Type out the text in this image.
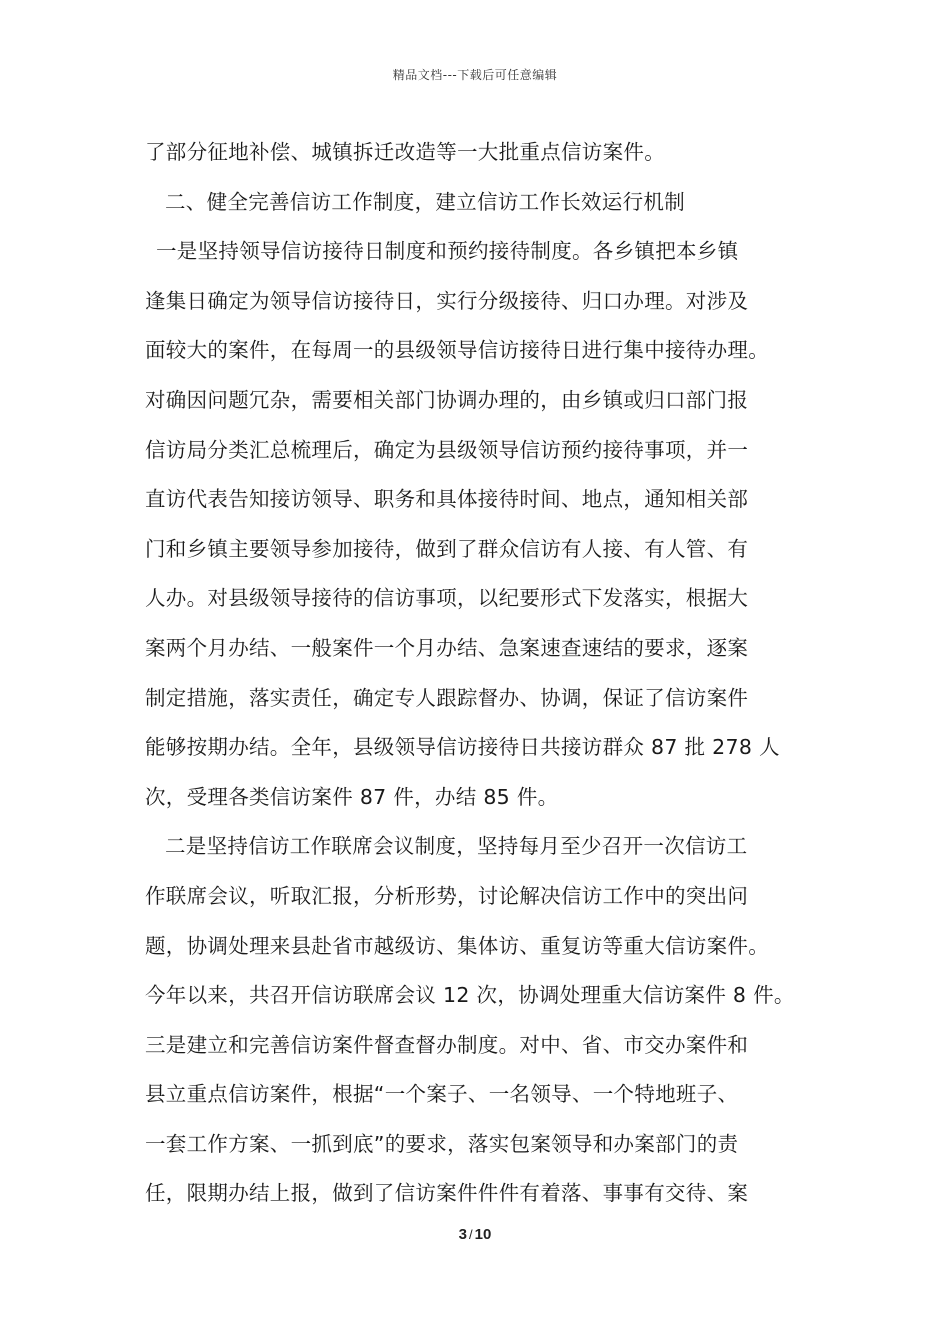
精品文档---下载后可任意编辑
了部分征地补偿、城镇拆迁改造等一大批重点信访案件。
二、健全完善信访工作制度，建立信访工作长效运行机制
一是坚持领导信访接待日制度和预约接待制度。各乡镇把本乡镇
逢集日确定为领导信访接待日，实行分级接待、归口办理。对涉及
面较大的案件，在每周一的县级领导信访接待日进行集中接待办理。
对确因问题冗杂，需要相关部门协调办理的，由乡镇或归口部门报
信访局分类汇总梳理后，确定为县级领导信访预约接待事项，并一
直访代表告知接访领导、职务和具体接待时间、地点，通知相关部
门和乡镇主要领导参加接待，做到了群众信访有人接、有人管、有
人办。对县级领导接待的信访事项，以纪要形式下发落实，根据大
案两个月办结、一般案件一个月办结、急案速查速结的要求，逐案
制定措施，落实责任，确定专人跟踪督办、协调，保证了信访案件
能够按期办结。全年，县级领导信访接待日共接访群众 87 批 278 人
次，受理各类信访案件 87 件，办结 85 件。
二是坚持信访工作联席会议制度，坚持每月至少召开一次信访工
作联席会议，听取汇报，分析形势，讨论解决信访工作中的突出问
题，协调处理来县赴省市越级访、集体访、重复访等重大信访案件。
今年以来，共召开信访联席会议 12 次，协调处理重大信访案件 8 件。
三是建立和完善信访案件督查督办制度。对中、省、市交办案件和
县立重点信访案件，根据“一个案子、一名领导、一个特地班子、
一套工作方案、一抓到底”的要求，落实包案领导和办案部门的责
任，限期办结上报，做到了信访案件件件有着落、事事有交待、案
3 / 10
